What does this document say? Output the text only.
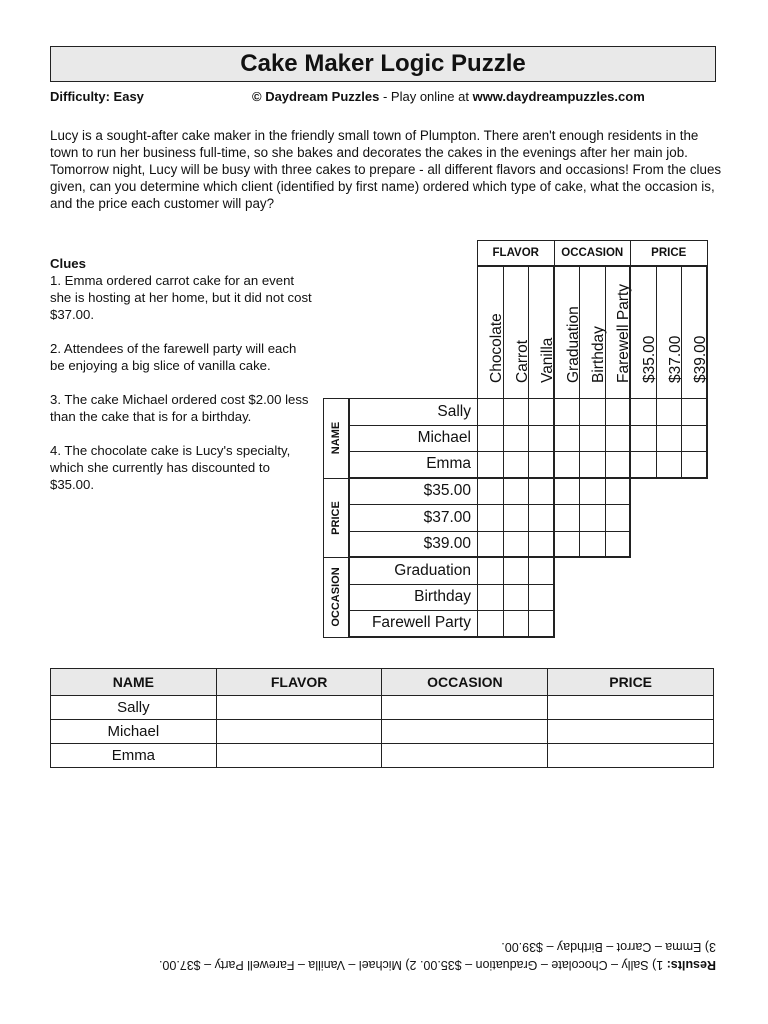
Cake Maker Logic Puzzle
Difficulty: Easy	© Daydream Puzzles - Play online at www.daydreampuzzles.com

Lucy is a sought-after cake maker in the friendly small town of Plumpton. There aren't enough residents in the town to run her business full-time, so she bakes and decorates the cakes in the evenings after her main job. Tomorrow night, Lucy will be busy with three cakes to prepare - all different flavors and occasions! From the clues given, can you determine which client (identified by first name) ordered which type of cake, what the occasion is, and the price each customer will pay?

Clues

1. Emma ordered carrot cake for an event she is hosting at her home, but it did not cost $37.00.

2. Attendees of the farewell party will each be enjoying a big slice of vanilla cake.

3. The cake Michael ordered cost $2.00 less than the cake that is for a birthday.

4. The chocolate cake is Lucy's specialty, which she currently has discounted to $35.00.

FLAVOR	OCCASION	PRICE
Chocolate Carrot Vanilla Graduation Birthday Farewell Party $35.00 $37.00 $39.00
NAME
Sally
Michael
Emma
PRICE
$35.00
$37.00
$39.00
OCCASION	Graduation
Birthday
Farewell Party
NAME	FLAVOR	OCCASION	PRICE
Sally			
Michael			
Emma			
Results: 1) Sally – Chocolate – Graduation – $35.00. 2) Michael – Vanilla – Farewell Party – $37.00.
3) Emma – Carrot – Birthday – $39.00.
